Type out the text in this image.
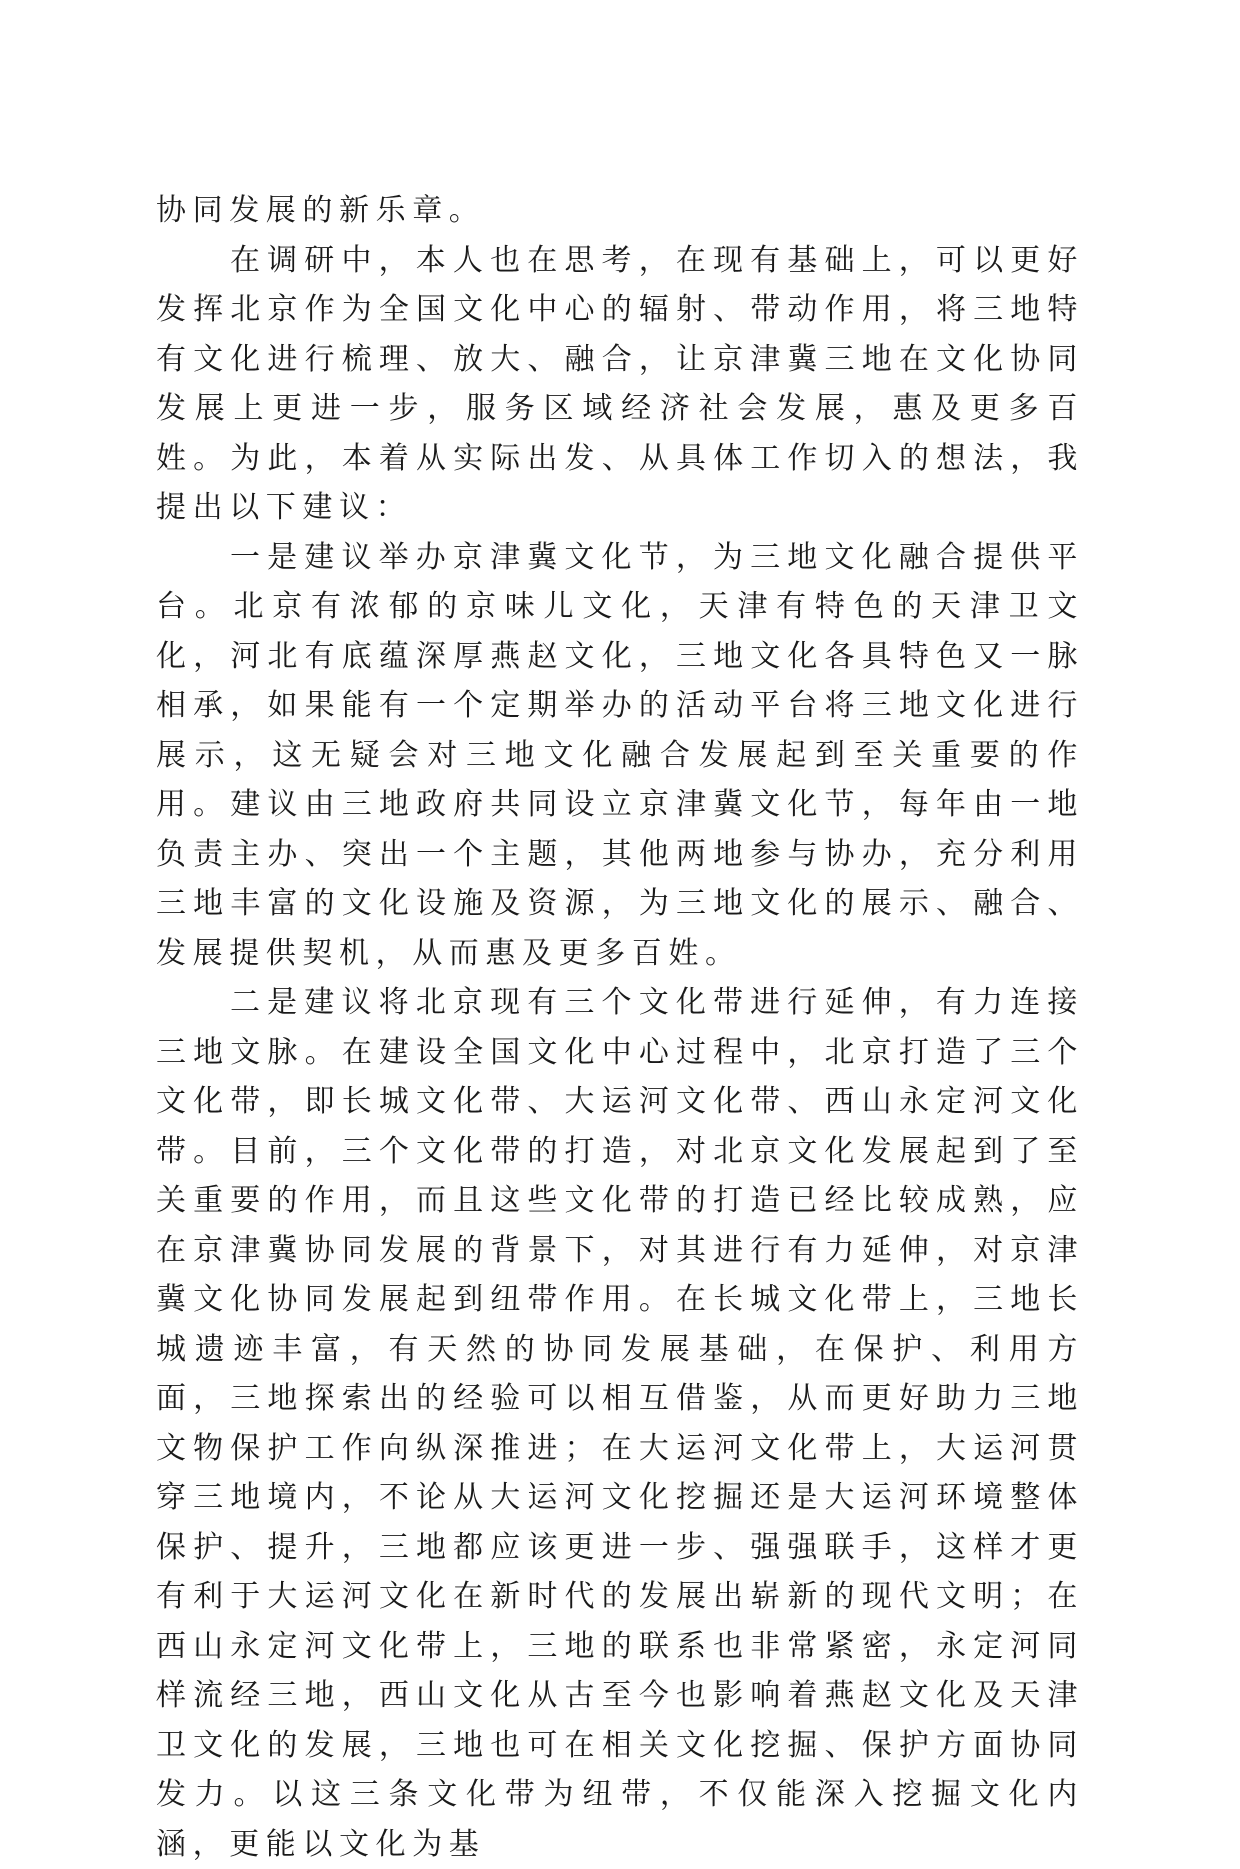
协同发展的新乐章。

在调研中，本人也在思考，在现有基础上，可以更好发挥北京作为全国文化中心的辐射、带动作用，将三地特有文化进行梳理、放大、融合，让京津冀三地在文化协同发展上更进一步，服务区域经济社会发展，惠及更多百姓。为此，本着从实际出发、从具体工作切入的想法，我提出以下建议：

一是建议举办京津冀文化节，为三地文化融合提供平台。北京有浓郁的京味儿文化，天津有特色的天津卫文化，河北有底蕴深厚燕赵文化，三地文化各具特色又一脉相承，如果能有一个定期举办的活动平台将三地文化进行展示，这无疑会对三地文化融合发展起到至关重要的作用。建议由三地政府共同设立京津冀文化节，每年由一地负责主办、突出一个主题，其他两地参与协办，充分利用三地丰富的文化设施及资源，为三地文化的展示、融合、发展提供契机，从而惠及更多百姓。

二是建议将北京现有三个文化带进行延伸，有力连接三地文脉。在建设全国文化中心过程中，北京打造了三个文化带，即长城文化带、大运河文化带、西山永定河文化带。目前，三个文化带的打造，对北京文化发展起到了至关重要的作用，而且这些文化带的打造已经比较成熟，应在京津冀协同发展的背景下，对其进行有力延伸，对京津冀文化协同发展起到纽带作用。在长城文化带上，三地长城遗迹丰富，有天然的协同发展基础，在保护、利用方面，三地探索出的经验可以相互借鉴，从而更好助力三地文物保护工作向纵深推进；在大运河文化带上，大运河贯穿三地境内，不论从大运河文化挖掘还是大运河环境整体保护、提升，三地都应该更进一步、强强联手，这样才更有利于大运河文化在新时代的发展出崭新的现代文明；在西山永定河文化带上，三地的联系也非常紧密，永定河同样流经三地，西山文化从古至今也影响着燕赵文化及天津卫文化的发展，三地也可在相关文化挖掘、保护方面协同发力。以这三条文化带为纽带，不仅能深入挖掘文化内涵，更能以文化为基
